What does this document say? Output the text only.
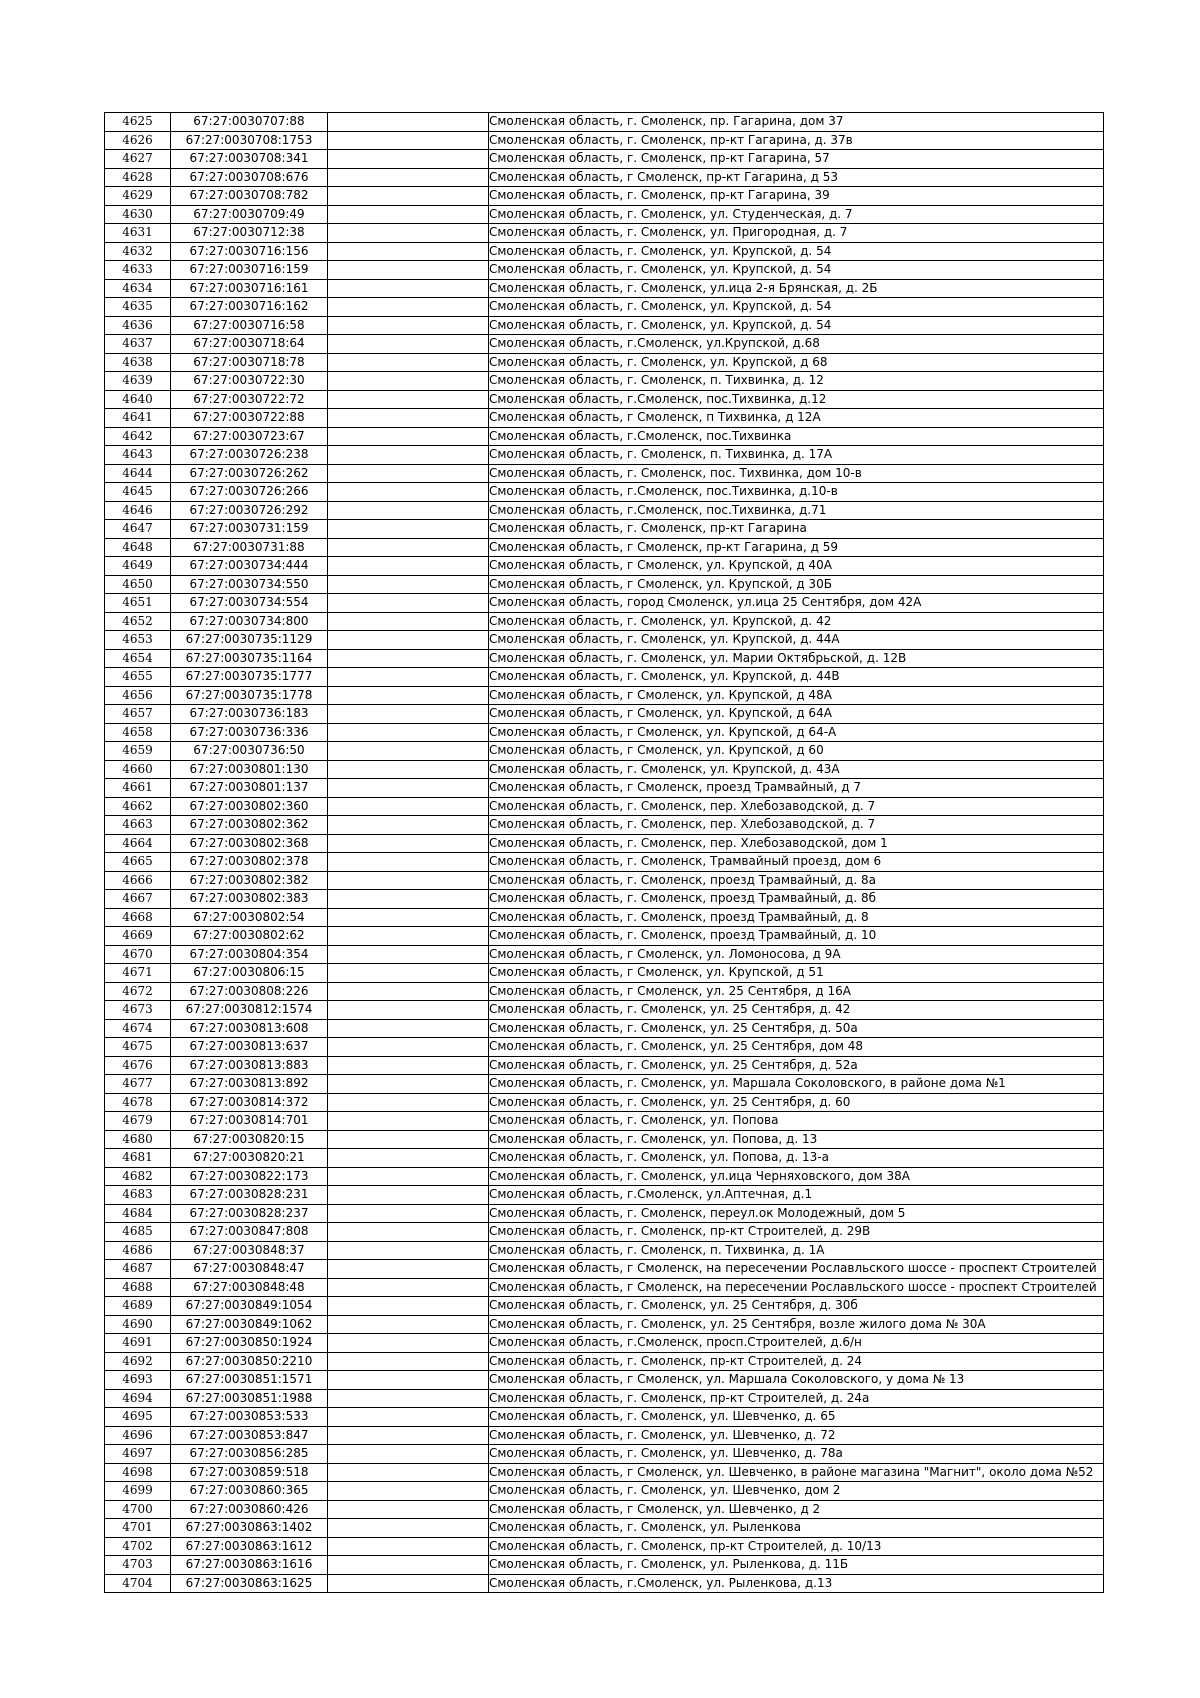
4625	67:27:0030707:88		Смоленская область, г. Смоленск, пр. Гагарина, дом 37
4626	67:27:0030708:1753		Смоленская область, г. Смоленск, пр-кт Гагарина, д. 37в
4627	67:27:0030708:341		Смоленская область, г. Смоленск, пр-кт Гагарина, 57
4628	67:27:0030708:676		Смоленская область, г Смоленск, пр-кт Гагарина, д 53
4629	67:27:0030708:782		Смоленская область, г. Смоленск, пр-кт Гагарина, 39
4630	67:27:0030709:49		Смоленская область, г. Смоленск, ул. Студенческая, д. 7
4631	67:27:0030712:38		Смоленская область, г. Смоленск, ул. Пригородная, д. 7
4632	67:27:0030716:156		Смоленская область, г. Смоленск, ул. Крупской, д. 54
4633	67:27:0030716:159		Смоленская область, г. Смоленск, ул. Крупской, д. 54
4634	67:27:0030716:161		Смоленская область, г. Смоленск, ул.ица 2-я Брянская, д. 2Б
4635	67:27:0030716:162		Смоленская область, г. Смоленск, ул. Крупской, д. 54
4636	67:27:0030716:58		Смоленская область, г. Смоленск, ул. Крупской, д. 54
4637	67:27:0030718:64		Смоленская область, г.Смоленск, ул.Крупской, д.68
4638	67:27:0030718:78		Смоленская область, г. Смоленск, ул. Крупской, д 68
4639	67:27:0030722:30		Смоленская область, г. Смоленск, п. Тихвинка, д. 12
4640	67:27:0030722:72		Смоленская область, г.Смоленск, пос.Тихвинка, д.12
4641	67:27:0030722:88		Смоленская область, г Смоленск, п Тихвинка, д 12А
4642	67:27:0030723:67		Смоленская область, г.Смоленск, пос.Тихвинка
4643	67:27:0030726:238		Смоленская область, г. Смоленск, п. Тихвинка, д. 17А
4644	67:27:0030726:262		Смоленская область, г. Смоленск, пос. Тихвинка, дом 10-в
4645	67:27:0030726:266		Смоленская область, г.Смоленск, пос.Тихвинка, д.10-в
4646	67:27:0030726:292		Смоленская область, г.Смоленск, пос.Тихвинка, д.71
4647	67:27:0030731:159		Смоленская область, г. Смоленск, пр-кт Гагарина
4648	67:27:0030731:88		Смоленская область, г Смоленск, пр-кт Гагарина, д 59
4649	67:27:0030734:444		Смоленская область, г Смоленск, ул. Крупской, д 40А
4650	67:27:0030734:550		Смоленская область, г Смоленск, ул. Крупской, д 30Б
4651	67:27:0030734:554		Смоленская область, город Смоленск, ул.ица 25 Сентября, дом 42А
4652	67:27:0030734:800		Смоленская область, г. Смоленск, ул. Крупской, д. 42
4653	67:27:0030735:1129		Смоленская область, г. Смоленск, ул. Крупской, д. 44А
4654	67:27:0030735:1164		Смоленская область, г. Смоленск, ул. Марии Октябрьской, д. 12В
4655	67:27:0030735:1777		Смоленская область, г. Смоленск, ул. Крупской, д. 44В
4656	67:27:0030735:1778		Смоленская область, г Смоленск, ул. Крупской, д 48А
4657	67:27:0030736:183		Смоленская область, г Смоленск, ул. Крупской, д 64А
4658	67:27:0030736:336		Смоленская область, г Смоленск, ул. Крупской, д 64-А
4659	67:27:0030736:50		Смоленская область, г Смоленск, ул. Крупской, д 60
4660	67:27:0030801:130		Смоленская область, г. Смоленск, ул. Крупской, д. 43А
4661	67:27:0030801:137		Смоленская область, г Смоленск, проезд Трамвайный, д 7
4662	67:27:0030802:360		Смоленская область, г. Смоленск, пер. Хлебозаводской, д. 7
4663	67:27:0030802:362		Смоленская область, г. Смоленск, пер. Хлебозаводской, д. 7
4664	67:27:0030802:368		Смоленская область, г. Смоленск, пер. Хлебозаводской, дом 1
4665	67:27:0030802:378		Смоленская область, г. Смоленск, Трамвайный проезд, дом 6
4666	67:27:0030802:382		Смоленская область, г. Смоленск, проезд Трамвайный, д. 8а
4667	67:27:0030802:383		Смоленская область, г. Смоленск, проезд Трамвайный, д. 8б
4668	67:27:0030802:54		Смоленская область, г. Смоленск, проезд Трамвайный, д. 8
4669	67:27:0030802:62		Смоленская область, г. Смоленск, проезд Трамвайный, д. 10
4670	67:27:0030804:354		Смоленская область, г Смоленск, ул. Ломоносова, д 9А
4671	67:27:0030806:15		Смоленская область, г Смоленск, ул. Крупской, д 51
4672	67:27:0030808:226		Смоленская область, г Смоленск, ул. 25 Сентября, д 16А
4673	67:27:0030812:1574		Смоленская область, г. Смоленск, ул. 25 Сентября, д. 42
4674	67:27:0030813:608		Смоленская область, г. Смоленск, ул. 25 Сентября, д. 50а
4675	67:27:0030813:637		Смоленская область, г. Смоленск, ул. 25 Сентября, дом 48
4676	67:27:0030813:883		Смоленская область, г. Смоленск, ул. 25 Сентября, д. 52а
4677	67:27:0030813:892		Смоленская область, г. Смоленск, ул. Маршала Соколовского, в районе дома №1
4678	67:27:0030814:372		Смоленская область, г. Смоленск, ул. 25 Сентября, д. 60
4679	67:27:0030814:701		Смоленская область, г. Смоленск, ул. Попова
4680	67:27:0030820:15		Смоленская область, г. Смоленск, ул. Попова, д. 13
4681	67:27:0030820:21		Смоленская область, г. Смоленск, ул. Попова, д. 13-а
4682	67:27:0030822:173		Смоленская область, г. Смоленск, ул.ица Черняховского, дом 38А
4683	67:27:0030828:231		Смоленская область, г.Смоленск, ул.Аптечная, д.1
4684	67:27:0030828:237		Смоленская область, г. Смоленск, переул.ок Молодежный, дом 5
4685	67:27:0030847:808		Смоленская область, г. Смоленск, пр-кт Строителей, д. 29В
4686	67:27:0030848:37		Смоленская область, г. Смоленск, п. Тихвинка, д. 1А
4687	67:27:0030848:47		Смоленская область, г Смоленск, на пересечении Рославльского шоссе - проспект Строителей
4688	67:27:0030848:48		Смоленская область, г Смоленск, на пересечении Рославльского шоссе - проспект Строителей
4689	67:27:0030849:1054		Смоленская область, г. Смоленск, ул. 25 Сентября, д. 30б
4690	67:27:0030849:1062		Смоленская область, г. Смоленск, ул. 25 Сентября, возле жилого дома № 30А
4691	67:27:0030850:1924		Смоленская область, г.Смоленск, просп.Строителей, д.6/н
4692	67:27:0030850:2210		Смоленская область, г. Смоленск, пр-кт Строителей, д. 24
4693	67:27:0030851:1571		Смоленская область, г Смоленск, ул. Маршала Соколовского, у дома № 13
4694	67:27:0030851:1988		Смоленская область, г. Смоленск, пр-кт Строителей, д. 24а
4695	67:27:0030853:533		Смоленская область, г. Смоленск, ул. Шевченко, д. 65
4696	67:27:0030853:847		Смоленская область, г. Смоленск, ул. Шевченко, д. 72
4697	67:27:0030856:285		Смоленская область, г. Смоленск, ул. Шевченко, д. 78а
4698	67:27:0030859:518		Смоленская область, г Смоленск, ул. Шевченко, в районе магазина "Магнит", около дома №52
4699	67:27:0030860:365		Смоленская область, г. Смоленск, ул. Шевченко, дом 2
4700	67:27:0030860:426		Смоленская область, г Смоленск, ул. Шевченко, д 2
4701	67:27:0030863:1402		Смоленская область, г. Смоленск, ул. Рыленкова
4702	67:27:0030863:1612		Смоленская область, г. Смоленск, пр-кт Строителей, д. 10/13
4703	67:27:0030863:1616		Смоленская область, г. Смоленск, ул. Рыленкова, д. 11Б
4704	67:27:0030863:1625		Смоленская область, г.Смоленск, ул. Рыленкова, д.13
